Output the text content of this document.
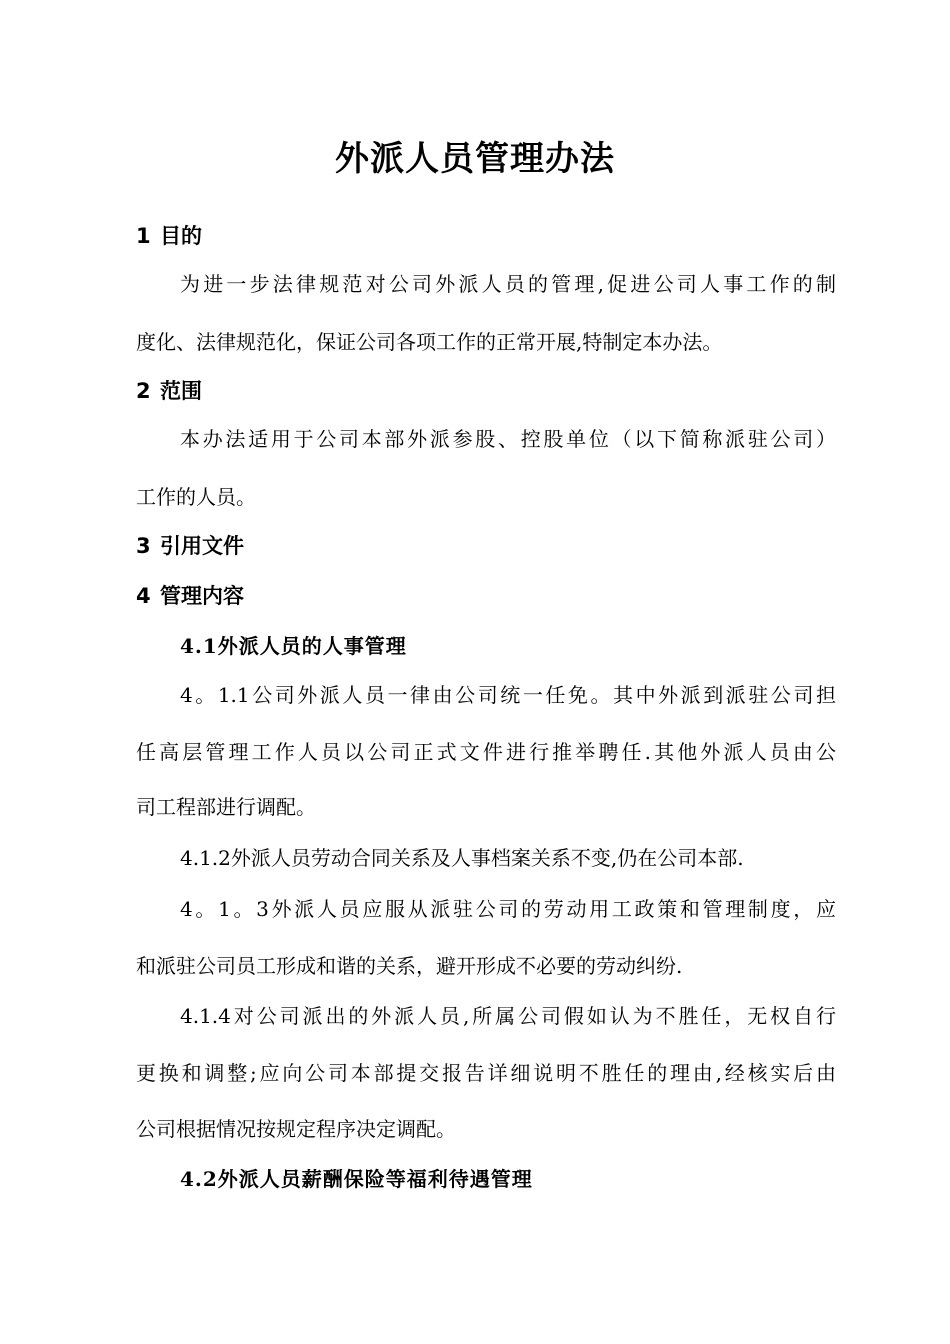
外派人员管理办法
1 目的
为进一步法律规范对公司外派人员的管理,促进公司人事工作的制
度化、法律规范化，保证公司各项工作的正常开展,特制定本办法。
2 范围
本办法适用于公司本部外派参股、控股单位（以下简称派驻公司）
工作的人员。
3 引用文件
4 管理内容
4.1外派人员的人事管理
4。1.1公司外派人员一律由公司统一任免。其中外派到派驻公司担
任高层管理工作人员以公司正式文件进行推举聘任.其他外派人员由公
司工程部进行调配。
4.1.2外派人员劳动合同关系及人事档案关系不变,仍在公司本部.
4。1。3外派人员应服从派驻公司的劳动用工政策和管理制度，应
和派驻公司员工形成和谐的关系，避开形成不必要的劳动纠纷.
4.1.4对公司派出的外派人员,所属公司假如认为不胜任，无权自行
更换和调整;应向公司本部提交报告详细说明不胜任的理由,经核实后由
公司根据情况按规定程序决定调配。
4.2外派人员薪酬保险等福利待遇管理
